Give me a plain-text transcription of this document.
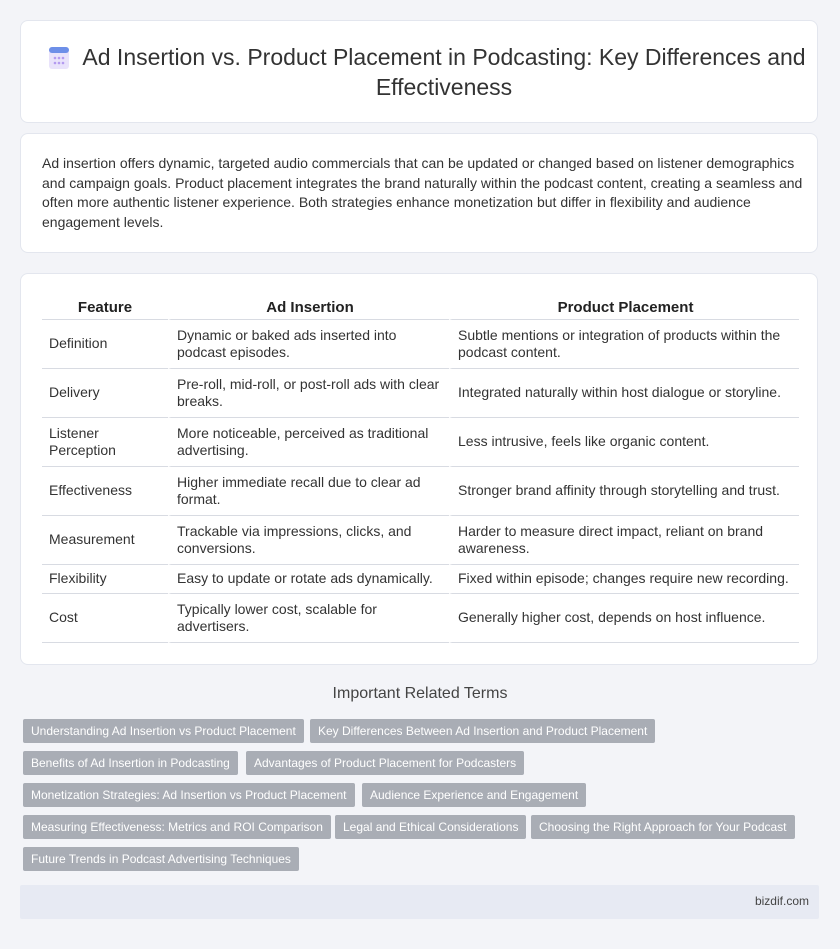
Ad Insertion vs. Product Placement in Podcasting: Key Differences and Effectiveness

Ad insertion offers dynamic, targeted audio commercials that can be updated or changed based on listener demographics and campaign goals. Product placement integrates the brand naturally within the podcast content, creating a seamless and often more authentic listener experience. Both strategies enhance monetization but differ in flexibility and audience engagement levels.

Feature	Ad Insertion	Product Placement
Definition	Dynamic or baked ads inserted into podcast episodes.	Subtle mentions or integration of products within the podcast content.
Delivery	Pre-roll, mid-roll, or post-roll ads with clear breaks.	Integrated naturally within host dialogue or storyline.
Listener Perception	More noticeable, perceived as traditional advertising.	Less intrusive, feels like organic content.
Effectiveness	Higher immediate recall due to clear ad format.	Stronger brand affinity through storytelling and trust.
Measurement	Trackable via impressions, clicks, and conversions.	Harder to measure direct impact, reliant on brand awareness.
Flexibility	Easy to update or rotate ads dynamically.	Fixed within episode; changes require new recording.
Cost	Typically lower cost, scalable for advertisers.	Generally higher cost, depends on host influence.
Important Related Terms
Understanding Ad Insertion vs Product Placement	Key Differences Between Ad Insertion and Product Placement
Benefits of Ad Insertion in Podcasting	Advantages of Product Placement for Podcasters
Monetization Strategies: Ad Insertion vs Product Placement	Audience Experience and Engagement
Measuring Effectiveness: Metrics and ROI Comparison	Legal and Ethical Considerations	Choosing the Right Approach for Your Podcast
Future Trends in Podcast Advertising Techniques
bizdif.com
